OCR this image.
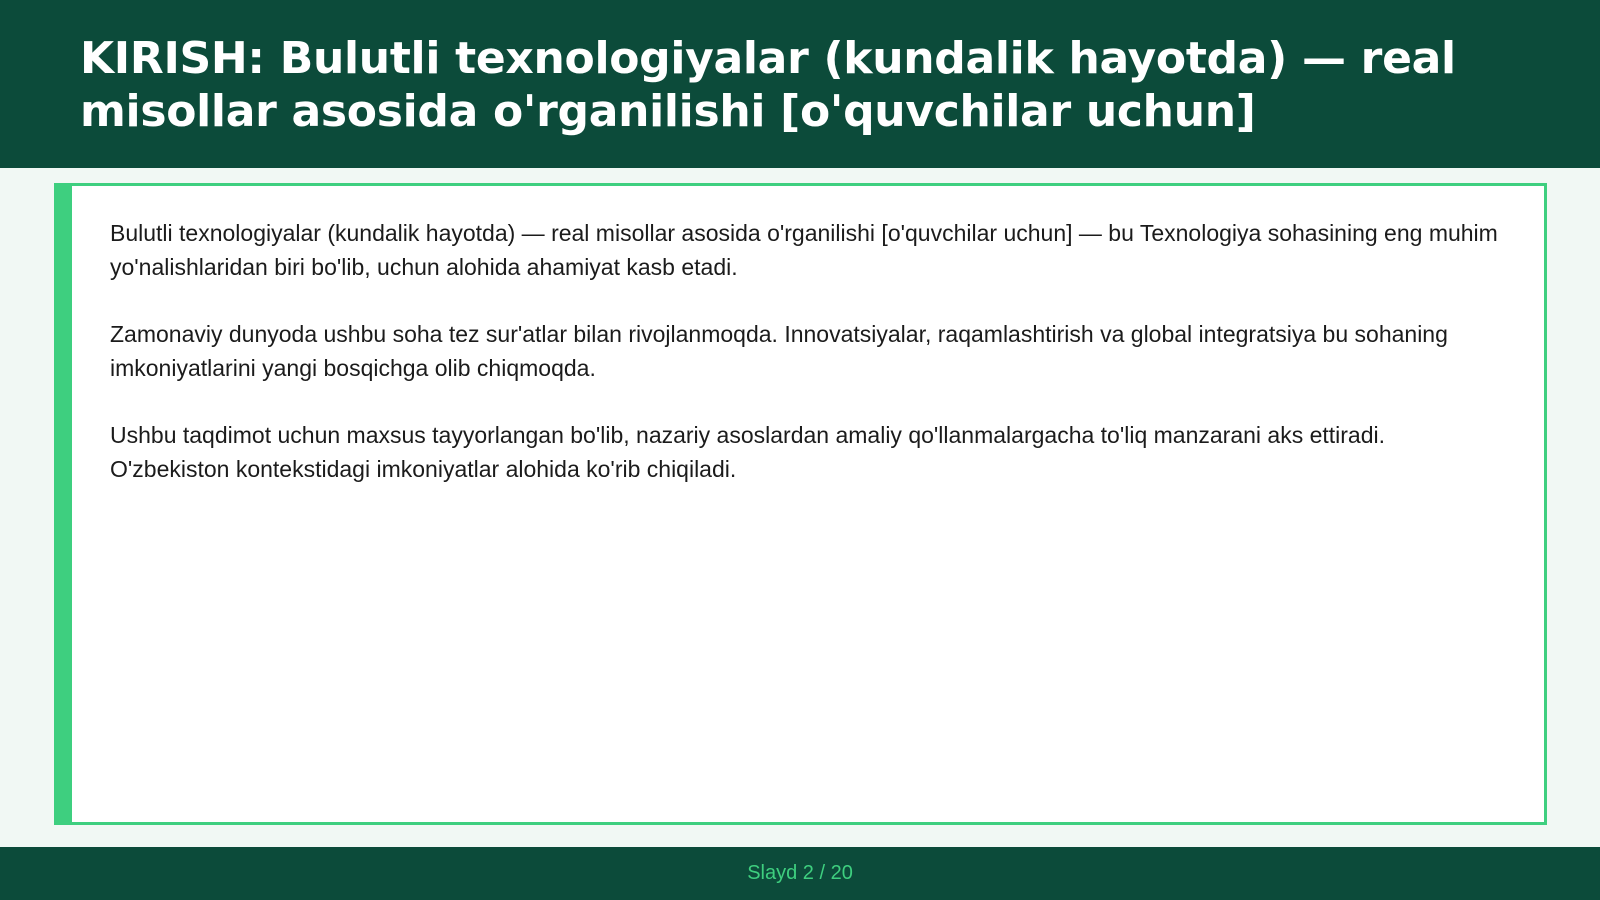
KIRISH: Bulutli texnologiyalar (kundalik hayotda) — real misollar asosida o'rganilishi [o'quvchilar uchun]

Bulutli texnologiyalar (kundalik hayotda) — real misollar asosida o'rganilishi [o'quvchilar uchun] — bu Texnologiya sohasining eng muhim yo'nalishlaridan biri bo'lib, uchun alohida ahamiyat kasb etadi.

Zamonaviy dunyoda ushbu soha tez sur'atlar bilan rivojlanmoqda. Innovatsiyalar, raqamlashtirish va global integratsiya bu sohaning imkoniyatlarini yangi bosqichga olib chiqmoqda.

Ushbu taqdimot uchun maxsus tayyorlangan bo'lib, nazariy asoslardan amaliy qo'llanmalargacha to'liq manzarani aks ettiradi. O'zbekiston kontekstidagi imkoniyatlar alohida ko'rib chiqiladi.

Slayd 2 / 20
